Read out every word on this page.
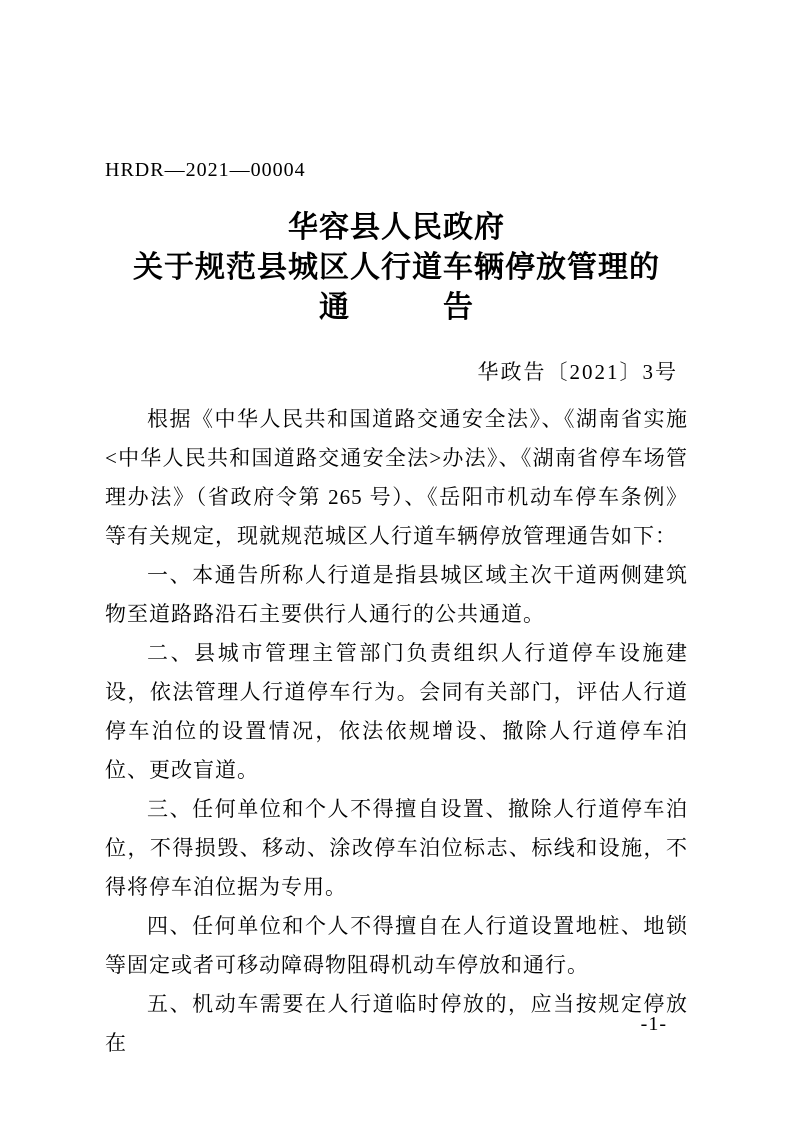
HRDR—2021—00004
华容县人民政府
关于规范县城区人行道车辆停放管理的
通　　　告
华政告〔2021〕3号

根据《中华人民共和国道路交通安全法》、《湖南省实施<中华人民共和国道路交通安全法>办法》、《湖南省停车场管理办法》（省政府令第 265 号）、《岳阳市机动车停车条例》等有关规定，现就规范城区人行道车辆停放管理通告如下：

一、本通告所称人行道是指县城区域主次干道两侧建筑物至道路路沿石主要供行人通行的公共通道。

二、县城市管理主管部门负责组织人行道停车设施建设，依法管理人行道停车行为。会同有关部门，评估人行道停车泊位的设置情况，依法依规增设、撤除人行道停车泊位、更改盲道。

三、任何单位和个人不得擅自设置、撤除人行道停车泊位，不得损毁、移动、涂改停车泊位标志、标线和设施，不得将停车泊位据为专用。

四、任何单位和个人不得擅自在人行道设置地桩、地锁等固定或者可移动障碍物阻碍机动车停放和通行。

五、机动车需要在人行道临时停放的，应当按规定停放在

-1-
